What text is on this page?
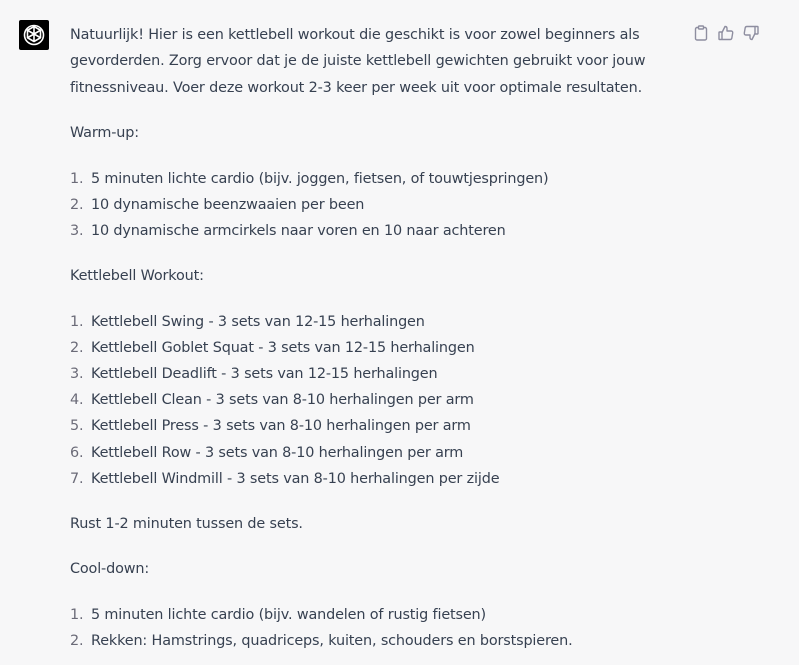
Natuurlijk! Hier is een kettlebell workout die geschikt is voor zowel beginners als gevorderden. Zorg ervoor dat je de juiste kettlebell gewichten gebruikt voor jouw fitnessniveau. Voer deze workout 2-3 keer per week uit voor optimale resultaten.

Warm-up:

1. 5 minuten lichte cardio (bijv. joggen, fietsen, of touwtjespringen)
2. 10 dynamische beenzwaaien per been
3. 10 dynamische armcirkels naar voren en 10 naar achteren

Kettlebell Workout:

1. Kettlebell Swing - 3 sets van 12-15 herhalingen
2. Kettlebell Goblet Squat - 3 sets van 12-15 herhalingen
3. Kettlebell Deadlift - 3 sets van 12-15 herhalingen
4. Kettlebell Clean - 3 sets van 8-10 herhalingen per arm
5. Kettlebell Press - 3 sets van 8-10 herhalingen per arm
6. Kettlebell Row - 3 sets van 8-10 herhalingen per arm
7. Kettlebell Windmill - 3 sets van 8-10 herhalingen per zijde

Rust 1-2 minuten tussen de sets.

Cool-down:

1. 5 minuten lichte cardio (bijv. wandelen of rustig fietsen)
2. Rekken: Hamstrings, quadriceps, kuiten, schouders en borstspieren.
